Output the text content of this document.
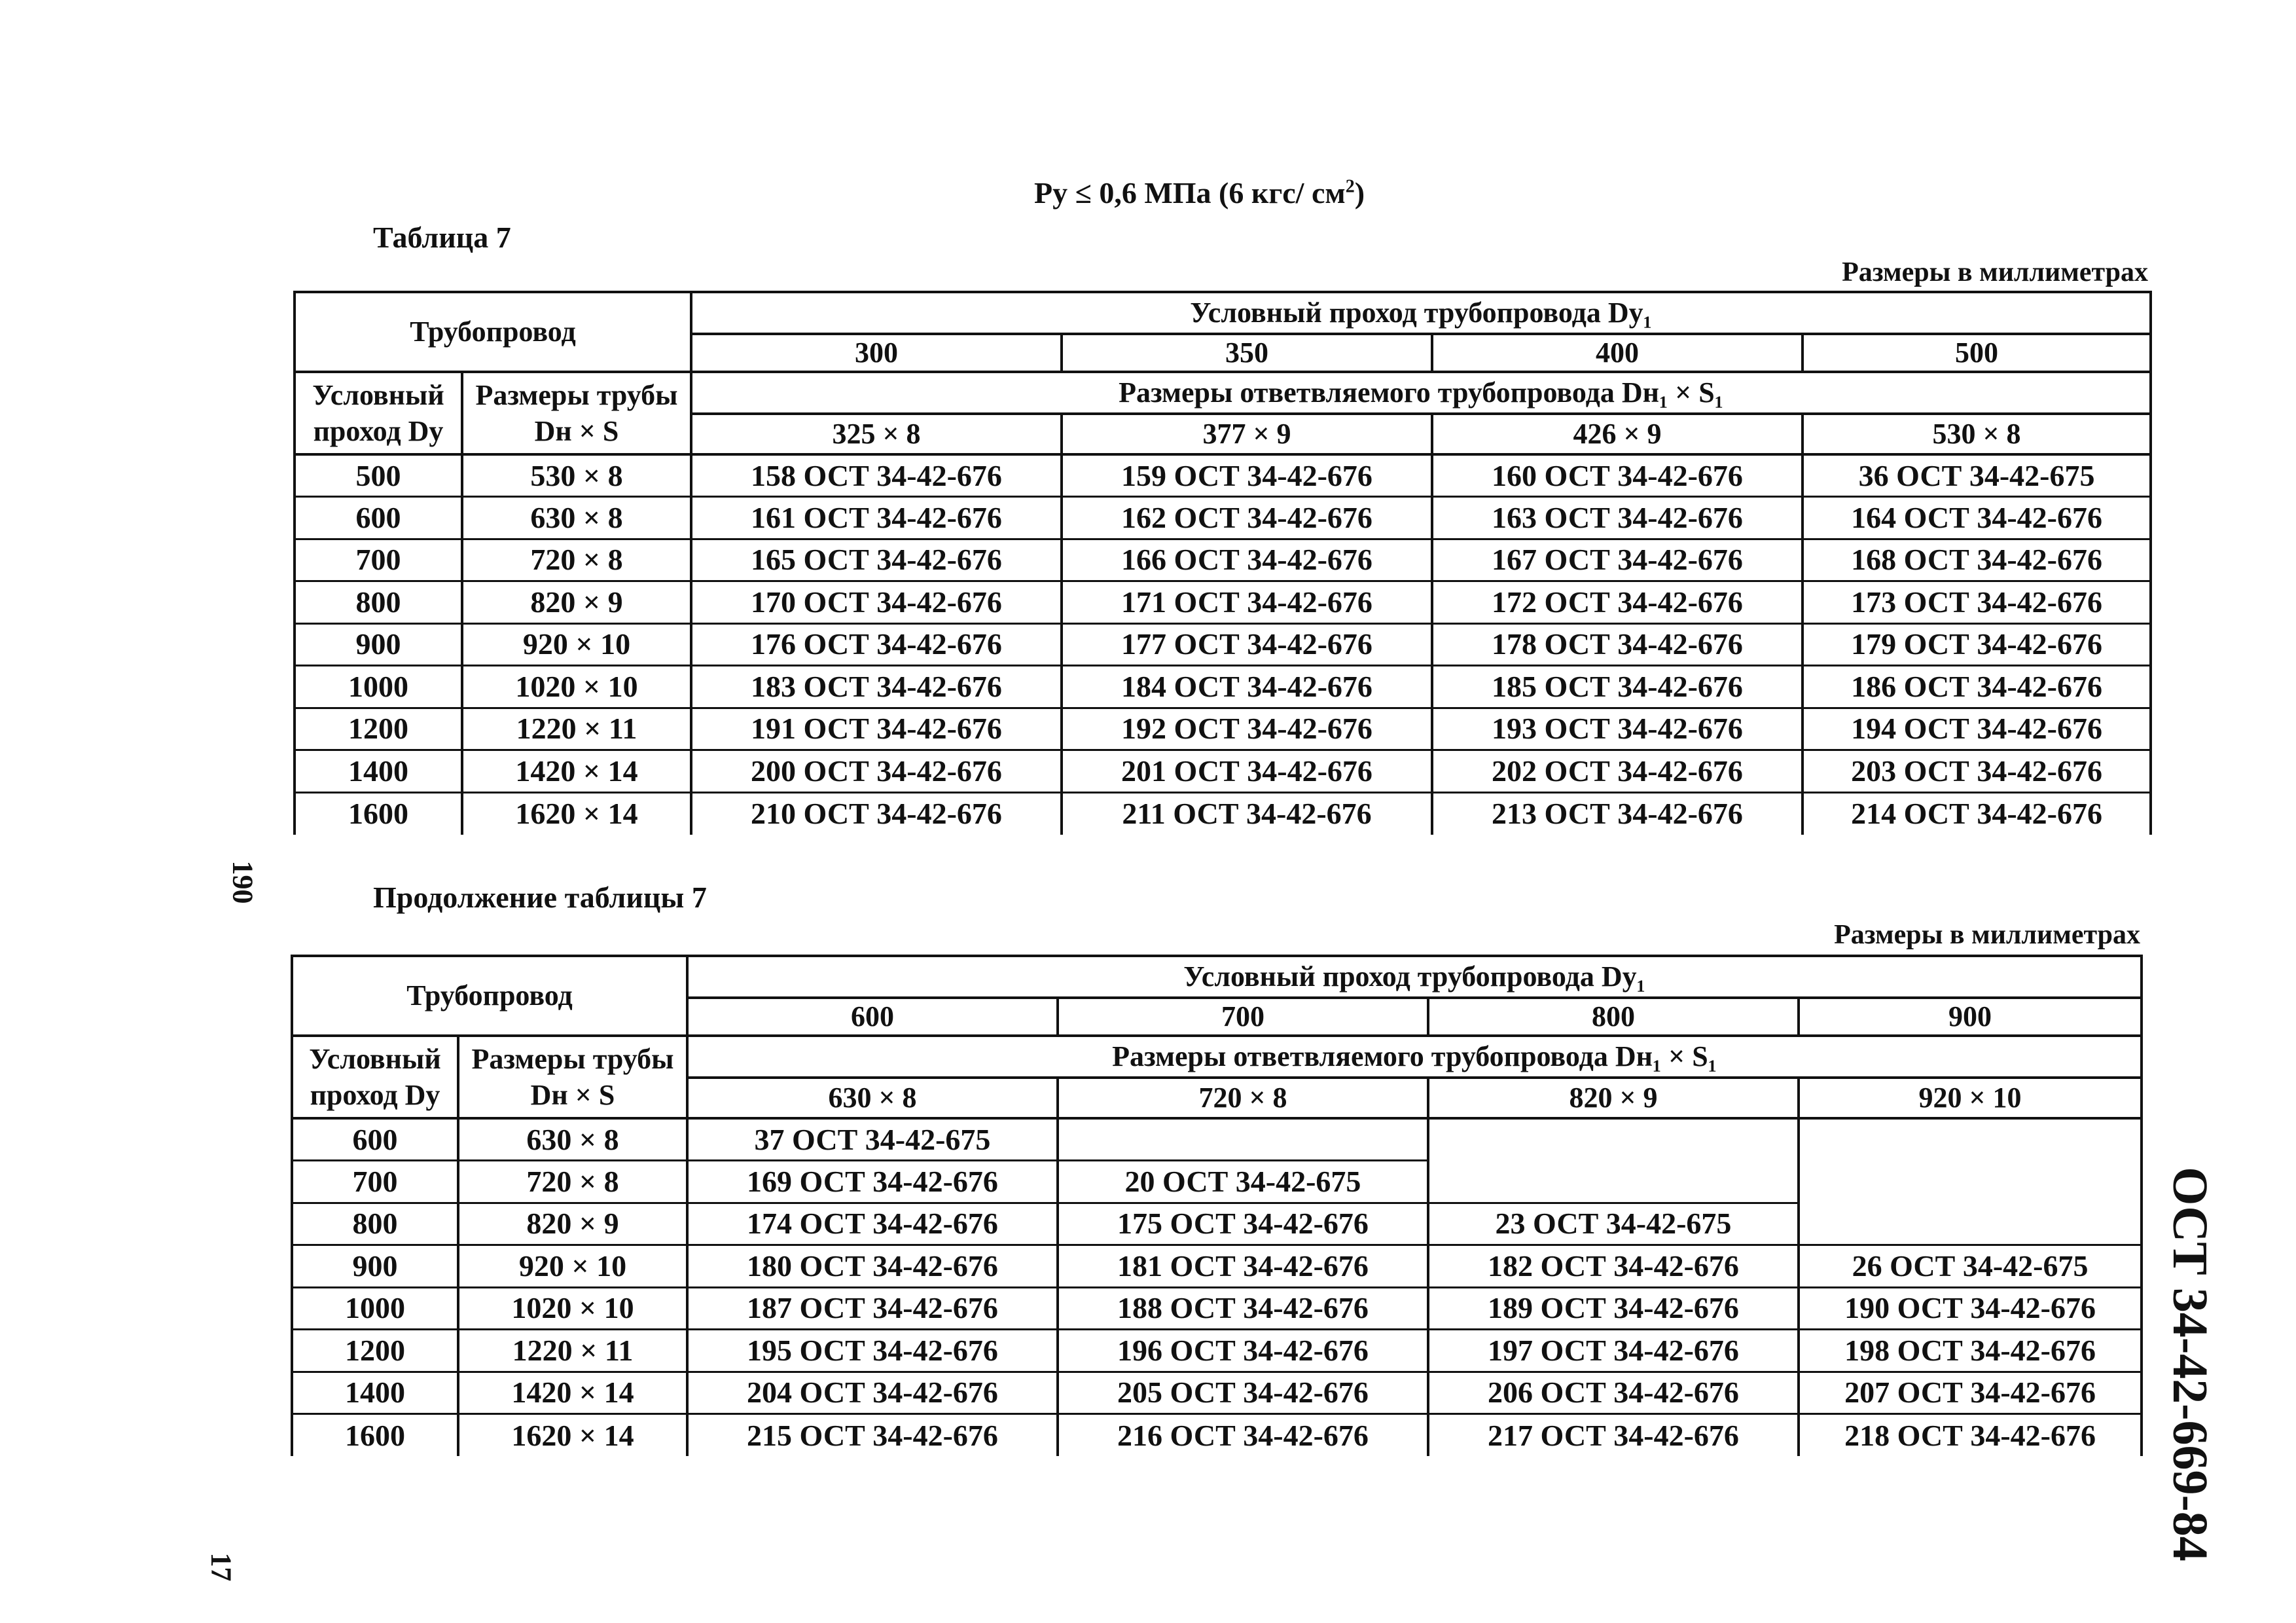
Ру ≤ 0,6 МПа (6 кгс/ $см^2$)
Таблица 7
Размеры в миллиметрах
Трубопровод		Условный проход трубопровода Dy₁			
		300	350	400	500
Условный проход Dy	Размеры трубы Dн × S	Размеры ответвляемого трубопровода Dн₁ × S₁			
		325 × 8	377 × 9	426 × 9	530 × 8
500	530 × 8	158 ОСТ 34-42-676	159 ОСТ 34-42-676	160 ОСТ 34-42-676	36 ОСТ 34-42-675
600	630 × 8	161 ОСТ 34-42-676	162 ОСТ 34-42-676	163 ОСТ 34-42-676	164 ОСТ 34-42-676
700	720 × 8	165 ОСТ 34-42-676	166 ОСТ 34-42-676	167 ОСТ 34-42-676	168 ОСТ 34-42-676
800	820 × 9	170 ОСТ 34-42-676	171 ОСТ 34-42-676	172 ОСТ 34-42-676	173 ОСТ 34-42-676
900	920 × 10	176 ОСТ 34-42-676	177 ОСТ 34-42-676	178 ОСТ 34-42-676	179 ОСТ 34-42-676
1000	1020 × 10	183 ОСТ 34-42-676	184 ОСТ 34-42-676	185 ОСТ 34-42-676	186 ОСТ 34-42-676
1200	1220 × 11	191 ОСТ 34-42-676	192 ОСТ 34-42-676	193 ОСТ 34-42-676	194 ОСТ 34-42-676
1400	1420 × 14	200 ОСТ 34-42-676	201 ОСТ 34-42-676	202 ОСТ 34-42-676	203 ОСТ 34-42-676
1600	1620 × 14	210 ОСТ 34-42-676	211 ОСТ 34-42-676	213 ОСТ 34-42-676	214 ОСТ 34-42-676
190	Продолжение таблицы 7
Размеры в миллиметрах
Трубопровод		Условный проход трубопровода Dy₁			
		600	700	800	900
Условный проход Dy	Размеры трубы Dн × S	Размеры ответвляемого трубопровода Dн₁ × S₁			
		630 × 8	720 × 8	820 × 9	920 × 10
600	630 × 8	37 ОСТ 34-42-675			
700	720 × 8	169 ОСТ 34-42-676	20 ОСТ 34-42-675		
800	820 × 9	174 ОСТ 34-42-676	175 ОСТ 34-42-676	23 ОСТ 34-42-675	
900	920 × 10	180 ОСТ 34-42-676	181 ОСТ 34-42-676	182 ОСТ 34-42-676	26 ОСТ 34-42-675
1000	1020 × 10	187 ОСТ 34-42-676	188 ОСТ 34-42-676	189 ОСТ 34-42-676	190 ОСТ 34-42-676
1200	1220 × 11	195 ОСТ 34-42-676	196 ОСТ 34-42-676	197 ОСТ 34-42-676	198 ОСТ 34-42-676
1400	1420 × 14	204 ОСТ 34-42-676	205 ОСТ 34-42-676	206 ОСТ 34-42-676	207 ОСТ 34-42-676
1600	1620 × 14	215 ОСТ 34-42-676	216 ОСТ 34-42-676	217 ОСТ 34-42-676	218 ОСТ 34-42-676
17
ОСТ 34-42-669-84
